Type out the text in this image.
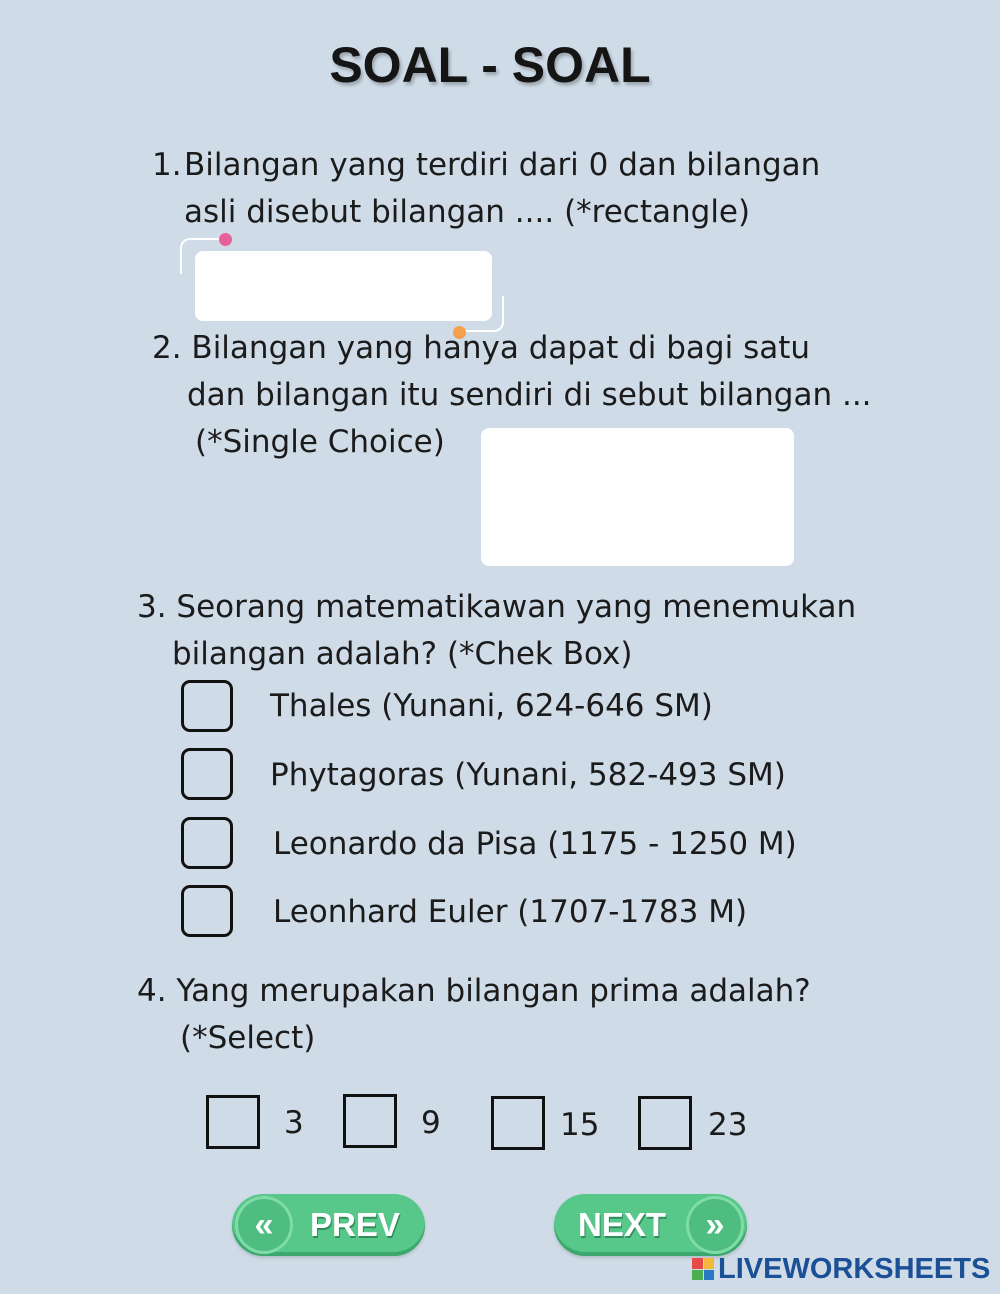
SOAL - SOAL
1. Bilangan yang terdiri dari 0 dan bilangan
asli disebut bilangan .... (*rectangle)
2. Bilangan yang hanya dapat di bagi satu
dan bilangan itu sendiri di sebut bilangan ...
(*Single Choice)
3. Seorang matematikawan yang menemukan
bilangan adalah? (*Chek Box)
Thales (Yunani, 624-646 SM)
Phytagoras (Yunani, 582-493 SM)
Leonardo da Pisa (1175 - 1250 M)
Leonhard Euler (1707-1783 M)
4. Yang merupakan bilangan prima adalah?
(*Select)
3	9	15	23
«	PREV	NEXT	»
LIVEWORKSHEETS
